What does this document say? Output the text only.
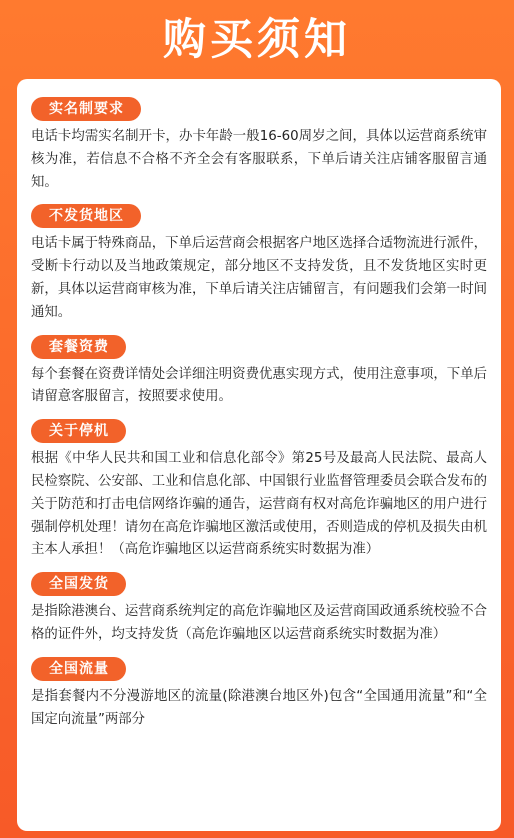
购买须知
实名制要求

电话卡均需实名制开卡，办卡年龄一般16-60周岁之间，具体以运营商系统审核为准，若信息不合格不齐全会有客服联系，下单后请关注店铺客服留言通知。

不发货地区

电话卡属于特殊商品，下单后运营商会根据客户地区选择合适物流进行派件，受断卡行动以及当地政策规定，部分地区不支持发货，且不发货地区实时更新，具体以运营商审核为准，下单后请关注店铺留言，有问题我们会第一时间通知。

套餐资费

每个套餐在资费详情处会详细注明资费优惠实现方式，使用注意事项，下单后请留意客服留言，按照要求使用。

关于停机

根据《中华人民共和国工业和信息化部令》第25号及最高人民法院、最高人民检察院、公安部、工业和信息化部、中国银行业监督管理委员会联合发布的关于防范和打击电信网络诈骗的通告，运营商有权对高危诈骗地区的用户进行强制停机处理！请勿在高危诈骗地区激活或使用，否则造成的停机及损失由机主本人承担！（高危诈骗地区以运营商系统实时数据为准）

全国发货

是指除港澳台、运营商系统判定的高危诈骗地区及运营商国政通系统校验不合格的证件外，均支持发货（高危诈骗地区以运营商系统实时数据为准）

全国流量

是指套餐内不分漫游地区的流量(除港澳台地区外)包含“全国通用流量”和“全国定向流量”两部分
